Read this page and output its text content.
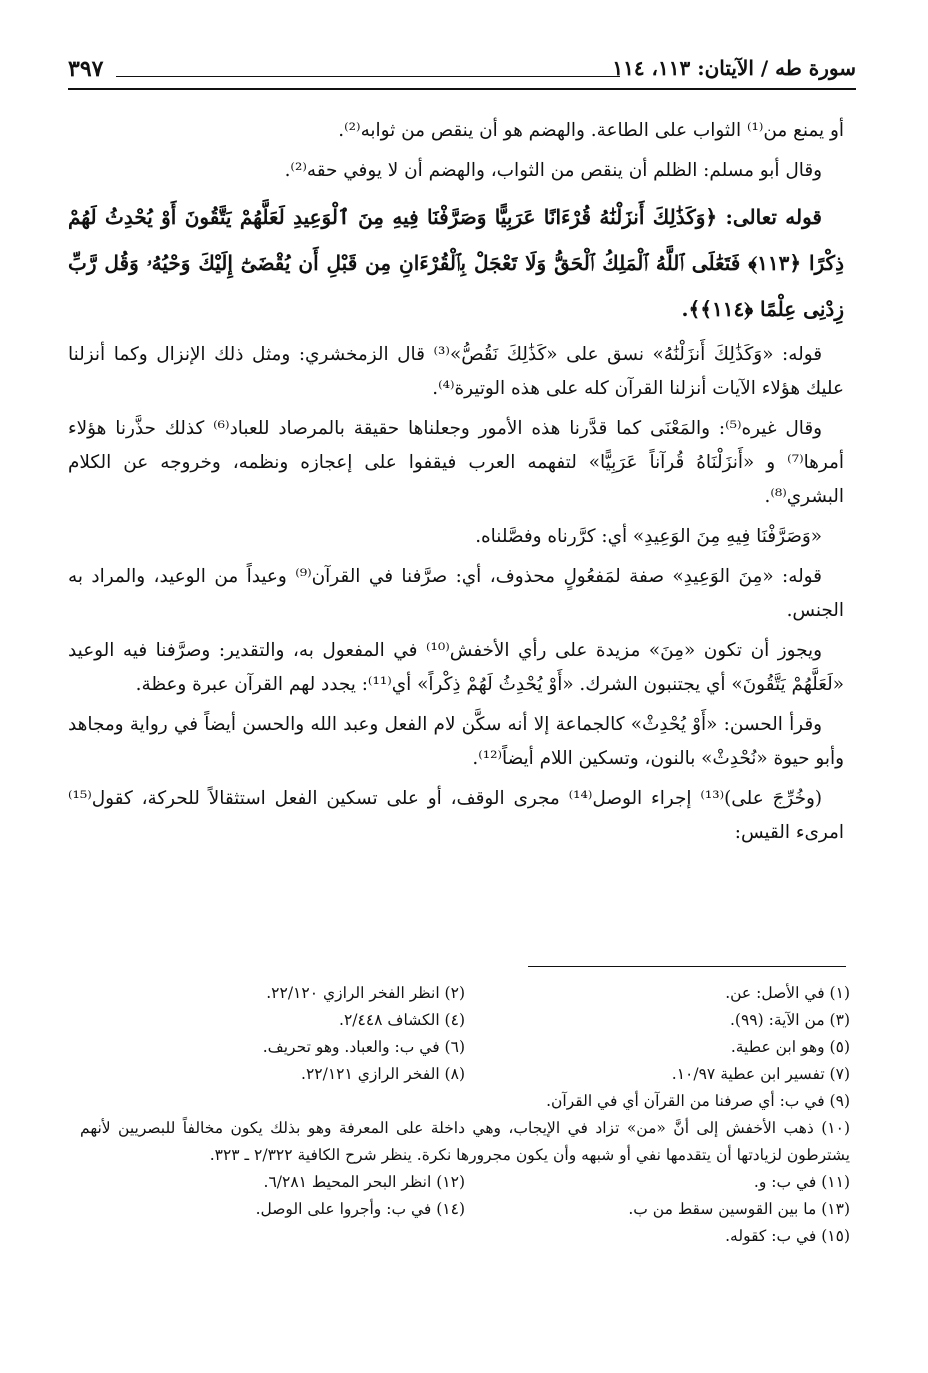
سورة طه / الآيتان: ١١٣، ١١٤
٣٩٧

أو يمنع من⁽¹⁾ الثواب على الطاعة. والهضم هو أن ينقص من ثوابه⁽²⁾.

وقال أبو مسلم: الظلم أن ينقص من الثواب، والهضم أن لا يوفي حقه⁽²⁾.

قوله تعالى: ﴿وَكَذَٰلِكَ أَنزَلْنَٰهُ قُرْءَانًا عَرَبِيًّا وَصَرَّفْنَا فِيهِ مِنَ ٱلْوَعِيدِ لَعَلَّهُمْ يَتَّقُونَ أَوْ يُحْدِثُ لَهُمْ ذِكْرًا ﴿١١٣﴾ فَتَعَٰلَى ٱللَّهُ ٱلْمَلِكُ ٱلْحَقُّ وَلَا تَعْجَلْ بِٱلْقُرْءَانِ مِن قَبْلِ أَن يُقْضَىٰٓ إِلَيْكَ وَحْيُهُۥ وَقُل رَّبِّ زِدْنِى عِلْمًا ﴿١١٤﴾﴾.

قوله: «وَكَذَٰلِكَ أَنزَلْنَٰهُ» نسق على «كَذَٰلِكَ نَقُصُّ»⁽³⁾ قال الزمخشري: ومثل ذلك الإنزال وكما أنزلنا عليك هؤلاء الآيات أنزلنا القرآن كله على هذه الوتيرة⁽⁴⁾.

وقال غيره⁽⁵⁾: والمَعْنَى كما قدَّرنا هذه الأمور وجعلناها حقيقة بالمرصاد للعباد⁽⁶⁾ كذلك حذَّرنا هؤلاء أمرها⁽⁷⁾ و «أَنزَلْنَاهُ قُرآناً عَرَبِيًّا» لتفهمه العرب فيقفوا على إعجازه ونظمه، وخروجه عن الكلام البشري⁽⁸⁾.

«وَصَرَّفْنَا فِيهِ مِنَ الوَعِيدِ» أي: كرَّرناه وفصَّلناه.

قوله: «مِنَ الوَعِيدِ» صفة لمَفعُولٍ محذوف، أي: صرَّفنا في القرآن⁽⁹⁾ وعيداً من الوعيد، والمراد به الجنس.

ويجوز أن تكون «مِنَ» مزيدة على رأي الأخفش⁽¹⁰⁾ في المفعول به، والتقدير: وصرَّفنا فيه الوعيد «لَعَلَّهُمْ يَتَّقُونَ» أي يجتنبون الشرك. «أَوْ يُحْدِثُ لَهُمْ ذِكْراً» أي⁽¹¹⁾: يجدد لهم القرآن عبرة وعظة.

وقرأ الحسن: «أَوْ يُحْدِثْ» كالجماعة إلا أنه سكَّن لام الفعل وعبد الله والحسن أيضاً في رواية ومجاهد وأبو حيوة «نُحْدِثْ» بالنون، وتسكين اللام أيضاً⁽¹²⁾.

(وخُرِّجَ على)⁽¹³⁾ إجراء الوصل⁽¹⁴⁾ مجرى الوقف، أو على تسكين الفعل استثقالاً للحركة، كقول⁽¹⁵⁾ امرىء القيس:

(١) في الأصل: عن.
(٢) انظر الفخر الرازي ٢٢/١٢٠.
(٣) من الآية: (٩٩).
(٤) الكشاف ٢/٤٤٨.
(٥) وهو ابن عطية.
(٦) في ب: والعباد. وهو تحريف.
(٧) تفسير ابن عطية ١٠/٩٧.
(٨) الفخر الرازي ٢٢/١٢١.
(٩) في ب: أي صرفنا من القرآن أي في القرآن.
(١٠) ذهب الأخفش إلى أنَّ «من» تزاد في الإيجاب، وهي داخلة على المعرفة وهو بذلك يكون مخالفاً للبصريين لأنهم يشترطون لزيادتها أن يتقدمها نفي أو شبهه وأن يكون مجرورها نكرة. ينظر شرح الكافية ٢/٣٢٢ ـ ٣٢٣.
(١١) في ب: و.
(١٢) انظر البحر المحيط ٦/٢٨١.
(١٣) ما بين القوسين سقط من ب.
(١٤) في ب: وأجروا على الوصل.
(١٥) في ب: كقوله.
